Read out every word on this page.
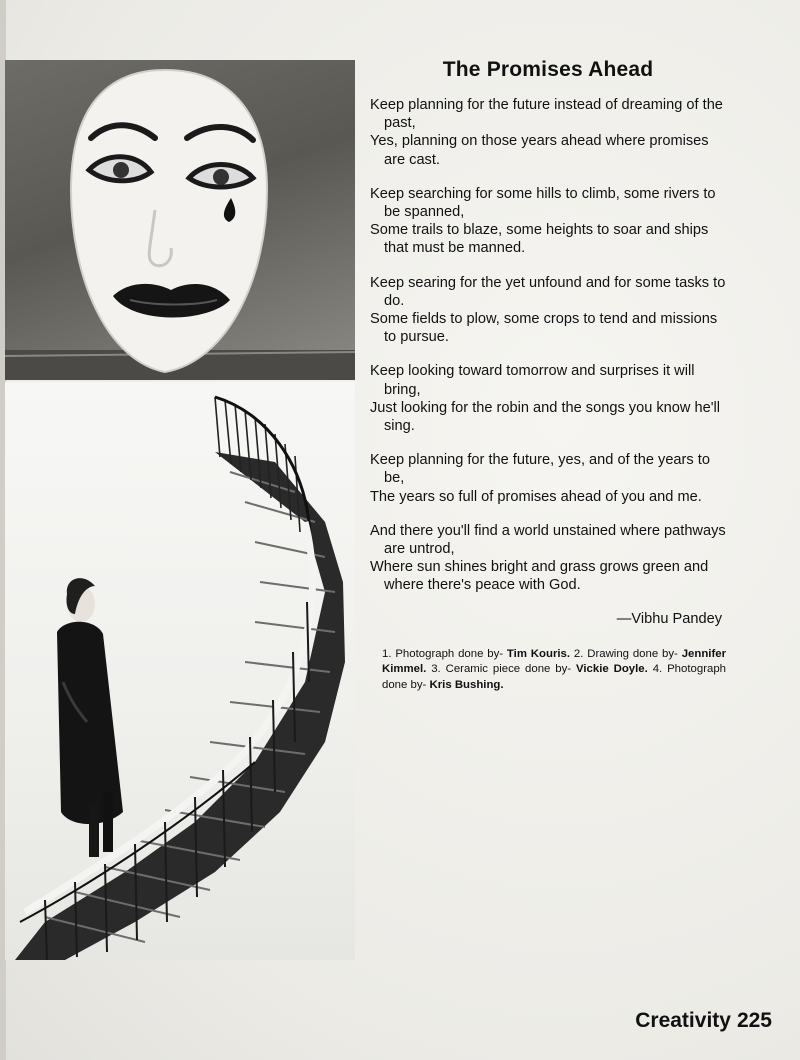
The Promises Ahead
Keep planning for the future instead of dreaming of the past,
Yes, planning on those years ahead where promises are cast.
Keep searching for some hills to climb, some rivers to be spanned,
Some trails to blaze, some heights to soar and ships that must be manned.
Keep searing for the yet unfound and for some tasks to do.
Some fields to plow, some crops to tend and missions to pursue.
Keep looking toward tomorrow and surprises it will bring,
Just looking for the robin and the songs you know he'll sing.
Keep planning for the future, yes, and of the years to be,
The years so full of promises ahead of you and me.
And there you'll find a world unstained where pathways are untrod,
Where sun shines bright and grass grows green and where there's peace with God.
—Vibhu Pandey
1. Photograph done by- Tim Kouris. 2. Drawing done by- Jennifer Kimmel. 3. Ceramic piece done by- Vickie Doyle. 4. Photograph done by- Kris Bushing.
Creativity 225
